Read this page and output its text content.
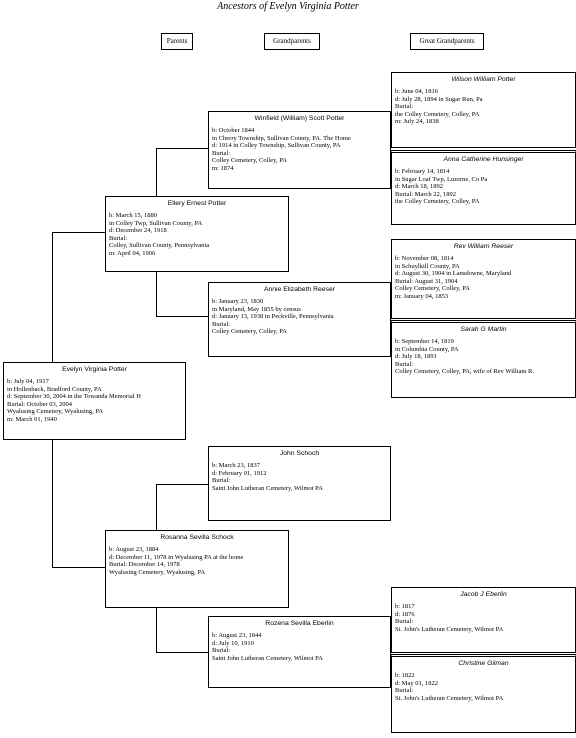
Ancestors of Evelyn Virginia Potter
Parents	Grandparents	Great Grandparents
Wilson William Potter
b: June 04, 1816
d: July 28, 1894 in Sugar Run, Pa
Burial:
the Colley Cemetery, Colley, PA
m: July 24, 1838
Anna Catherine Hunsinger
b: February 14, 1814
in Sugar Loaf Twp, Luzerne, Co Pa
d: March 18, 1892
Burial: March 22, 1892
the Colley Cemetery, Colley, PA
Rev William Reeser
b: November 08, 1814
in Schuylkill County, PA
d: August 30, 1904 in Lansdowne, Maryland
Burial: August 31, 1904
Colley Cemetery, Colley, PA
m: January 04, 1853
Sarah G Martin
b: September 14, 1819
in Columbia County, PA
d: July 18, 1891
Burial:
Colley Cemetery, Colley, PA, wife of Rev William R.
Jacob J Eberlin
b: 1817
d: 1876
Burial:
St. John's Lutheran Cemetery, Wilmot PA
Christine Gilman
b: 1822
d: May 01, 1822
Burial:
St. John's Lutheran Cemetery, Wilmot PA
Winfield (William) Scott Potter
b: October 1844
in Cherry Township, Sullivan County, PA. The Home
d: 1914 in Colley Township, Sullivan County, PA
Burial:
Colley Cemetery, Colley, PA
m: 1874
Annie Elizabeth Reeser
b: January 23, 1830
in Maryland, May 1855 by census
d: January 13, 1938 in Peckville, Pennsylvania
Burial:
Colley Cemetery, Colley, PA
John Schoch
b: March 23, 1837
d: February 01, 1912
Burial:
Saint John Lutheran Cemetery, Wilmot PA
Rozena Sevilla Eberlin
b: August 23, 1844
d: July 10, 1910
Burial:
Saint John Lutheran Cemetery, Wilmot PA
Ellery Ernest Potter
b: March 15, 1880
in Colley Twp, Sullivan County, PA
d: December 24, 1918
Burial:
Colley, Sullivan County, Pennsylvania
m: April 04, 1906
Rosanna Sevilla Schock
b: August 23, 1884
d: December 11, 1978 in Wyalusing PA at the home
Burial: December 14, 1978
Wyalusing Cemetery, Wyalusing, PA
Evelyn Virginia Potter
b: July 04, 1917
in Hollenback, Bradford County, PA
d: September 30, 2004 in the Towanda Memorial H
Burial: October 03, 2004
Wyalusing Cemetery, Wyalusing, PA
m: March 01, 1940
